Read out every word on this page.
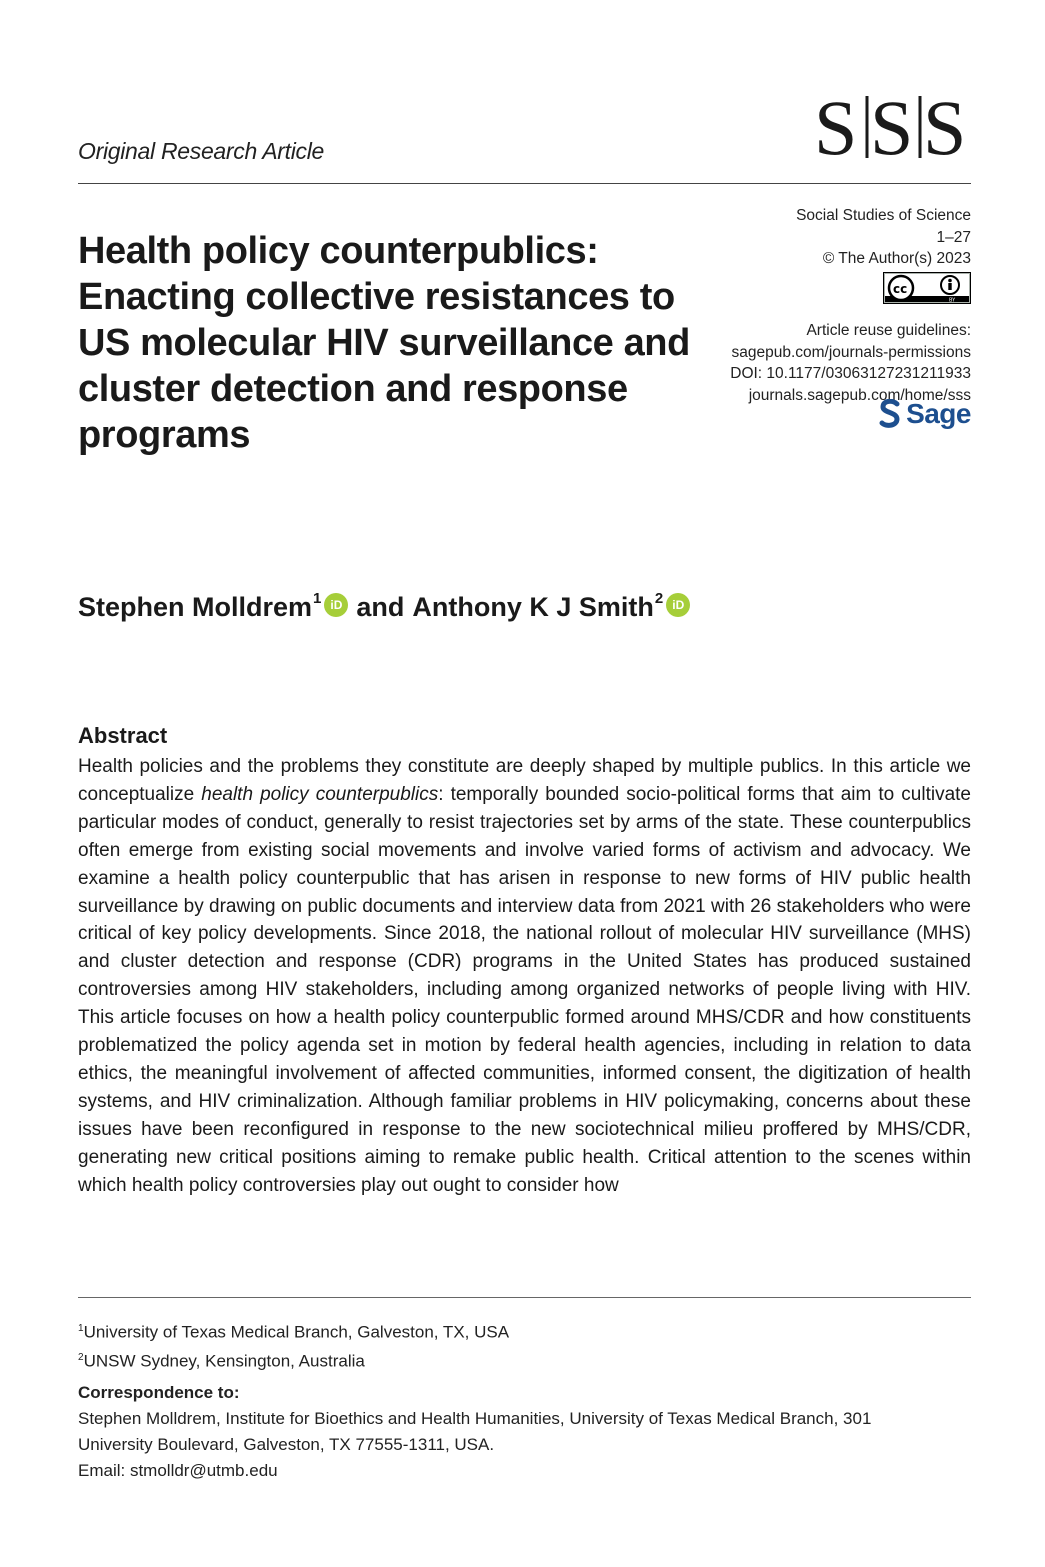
Original Research Article	S S S
Social Studies of Science
1–27
© The Author(s) 2023
BY
cc
Article reuse guidelines:
sagepub.com/journals-permissions
DOI: 10.1177/03063127231211933
journals.sagepub.com/home/sss
Sage
Health policy counterpublics: Enacting collective resistances to US molecular HIV surveillance and cluster detection and response programs
Stephen Molldrem$^1$ iD and Anthony K J Smith$^2$ iD
Abstract

Health policies and the problems they constitute are deeply shaped by multiple publics. In this article we conceptualize health policy counterpublics: temporally bounded socio-political forms that aim to cultivate particular modes of conduct, generally to resist trajectories set by arms of the state. These counterpublics often emerge from existing social movements and involve varied forms of activism and advocacy. We examine a health policy counterpublic that has arisen in response to new forms of HIV public health surveillance by drawing on public documents and interview data from 2021 with 26 stakeholders who were critical of key policy developments. Since 2018, the national rollout of molecular HIV surveillance (MHS) and cluster detection and response (CDR) programs in the United States has produced sustained controversies among HIV stakeholders, including among organized networks of people living with HIV. This article focuses on how a health policy counterpublic formed around MHS/CDR and how constituents problematized the policy agenda set in motion by federal health agencies, including in relation to data ethics, the meaningful involvement of affected communities, informed consent, the digitization of health systems, and HIV criminalization. Although familiar problems in HIV policymaking, concerns about these issues have been reconfigured in response to the new sociotechnical milieu proffered by MHS/CDR, generating new critical positions aiming to remake public health. Critical attention to the scenes within which health policy controversies play out ought to consider how

$^1$University of Texas Medical Branch, Galveston, TX, USA
$^2$UNSW Sydney, Kensington, Australia
Correspondence to:
Stephen Molldrem, Institute for Bioethics and Health Humanities, University of Texas Medical Branch, 301
University Boulevard, Galveston, TX 77555-1311, USA.
Email: stmolldr@utmb.edu
